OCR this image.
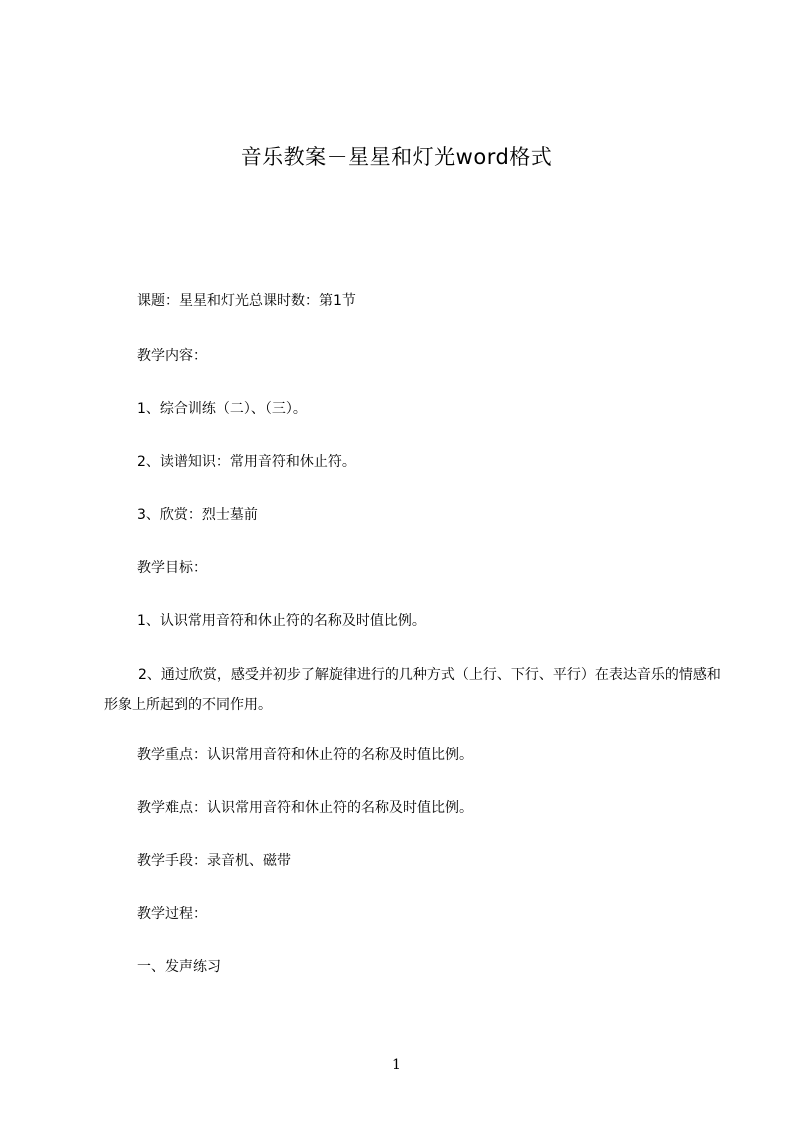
音乐教案－星星和灯光word格式
课题：星星和灯光总课时数：第1节
教学内容：
1、综合训练（二）、（三）。
2、读谱知识：常用音符和休止符。
3、欣赏：烈士墓前
教学目标：
1、认识常用音符和休止符的名称及时值比例。
2、通过欣赏，感受并初步了解旋律进行的几种方式（上行、下行、平行）在表达音乐的情感和形象上所起到的不同作用。
教学重点：认识常用音符和休止符的名称及时值比例。
教学难点：认识常用音符和休止符的名称及时值比例。
教学手段：录音机、磁带
教学过程：
一、发声练习
1
